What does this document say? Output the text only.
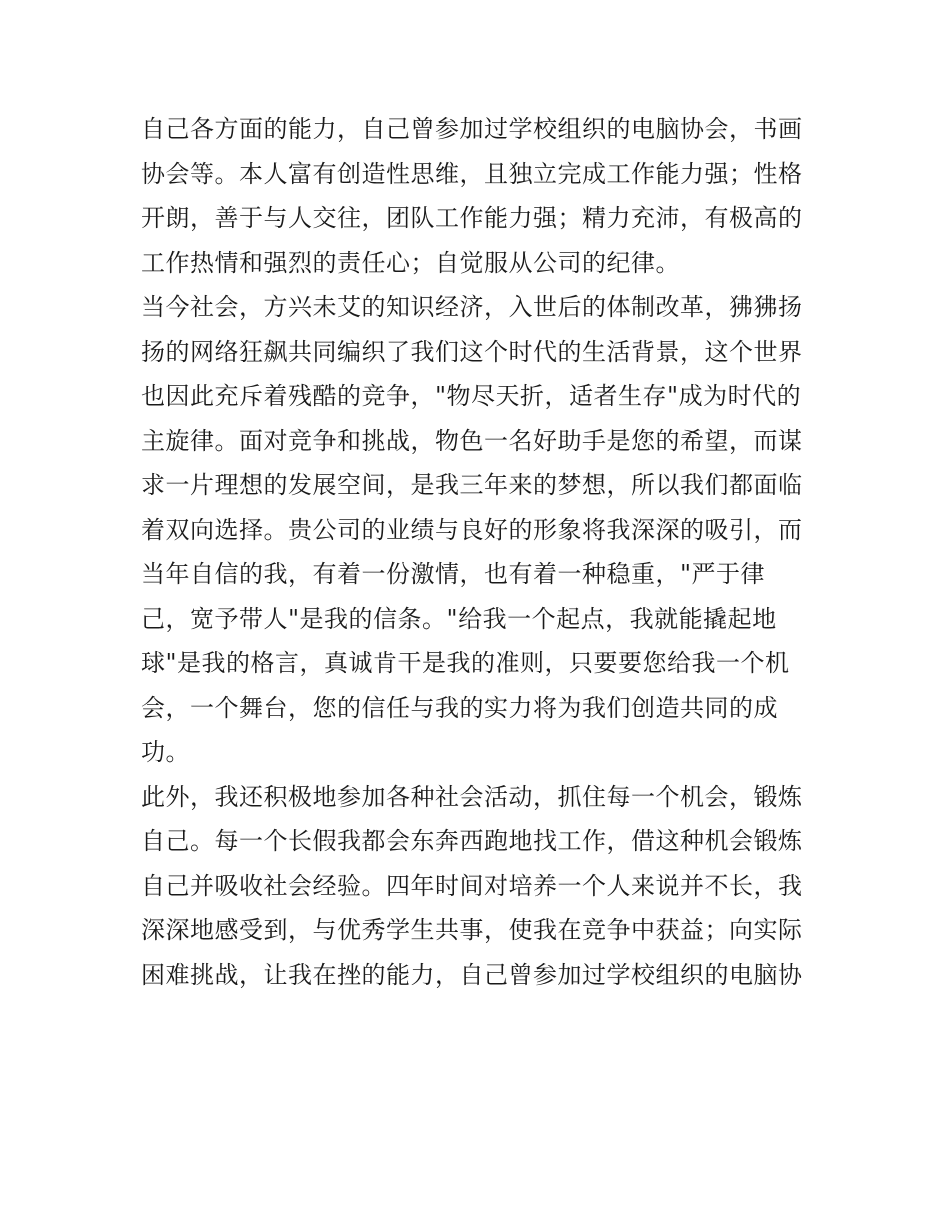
自己各方面的能力，自己曾参加过学校组织的电脑协会，书画
协会等。本人富有创造性思维，且独立完成工作能力强；性格
开朗，善于与人交往，团队工作能力强；精力充沛，有极高的
工作热情和强烈的责任心；自觉服从公司的纪律。
当今社会，方兴未艾的知识经济，入世后的体制改革，狒狒扬
扬的网络狂飙共同编织了我们这个时代的生活背景，这个世界
也因此充斥着残酷的竞争，"物尽天折，适者生存"成为时代的
主旋律。面对竞争和挑战，物色一名好助手是您的希望，而谋
求一片理想的发展空间，是我三年来的梦想，所以我们都面临
着双向选择。贵公司的业绩与良好的形象将我深深的吸引，而
当年自信的我，有着一份激情，也有着一种稳重，"严于律
己，宽予带人"是我的信条。"给我一个起点，我就能撬起地
球"是我的格言，真诚肯干是我的准则，只要要您给我一个机
会，一个舞台，您的信任与我的实力将为我们创造共同的成
功。
此外，我还积极地参加各种社会活动，抓住每一个机会，锻炼
自己。每一个长假我都会东奔西跑地找工作，借这种机会锻炼
自己并吸收社会经验。四年时间对培养一个人来说并不长，我
深深地感受到，与优秀学生共事，使我在竞争中获益；向实际
困难挑战，让我在挫的能力，自己曾参加过学校组织的电脑协
